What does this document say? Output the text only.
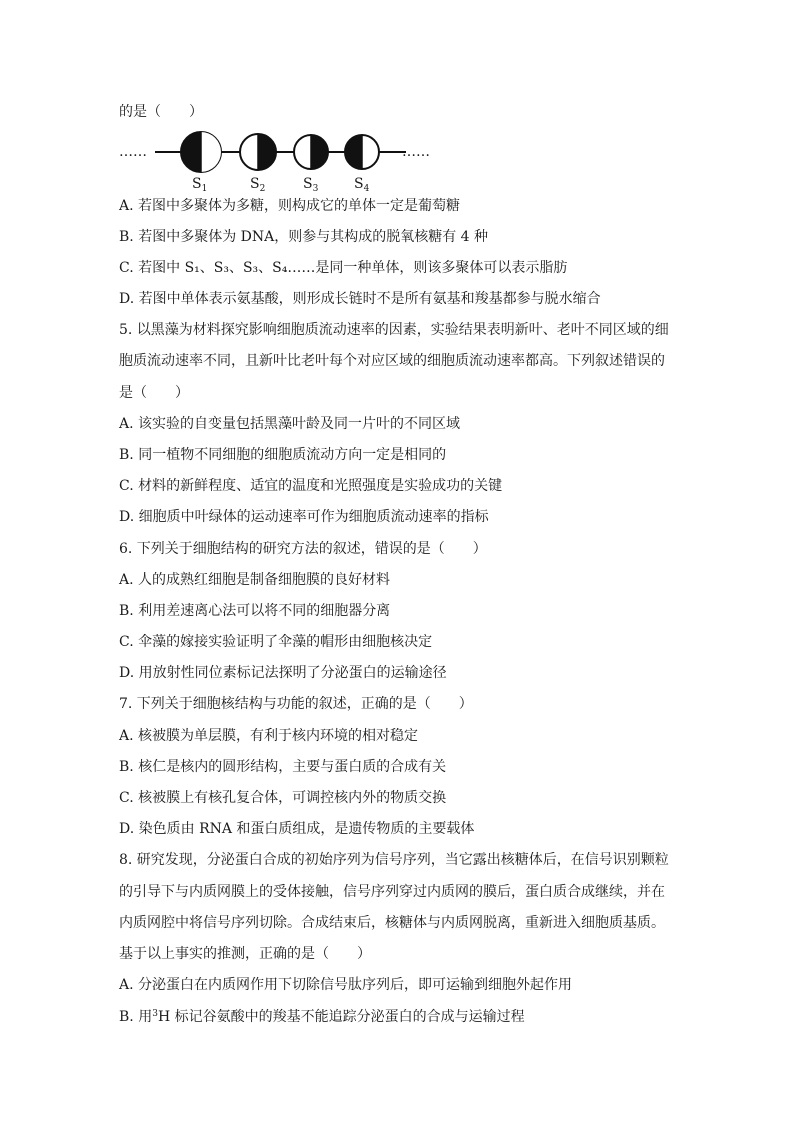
的是（　　）
……	……
$S_1$	$S_2$	$S_3$	$S_4$
A. 若图中多聚体为多糖，则构成它的单体一定是葡萄糖
B. 若图中多聚体为 DNA，则参与其构成的脱氧核糖有 4 种
C. 若图中 S₁、S₃、S₃、S₄……是同一种单体，则该多聚体可以表示脂肪
D. 若图中单体表示氨基酸，则形成长链时不是所有氨基和羧基都参与脱水缩合
5. 以黑藻为材料探究影响细胞质流动速率的因素，实验结果表明新叶、老叶不同区域的细
胞质流动速率不同，且新叶比老叶每个对应区域的细胞质流动速率都高。下列叙述错误的
是（　　）
A. 该实验的自变量包括黑藻叶龄及同一片叶的不同区域
B. 同一植物不同细胞的细胞质流动方向一定是相同的
C. 材料的新鲜程度、适宜的温度和光照强度是实验成功的关键
D. 细胞质中叶绿体的运动速率可作为细胞质流动速率的指标
6. 下列关于细胞结构的研究方法的叙述，错误的是（　　）
A. 人的成熟红细胞是制备细胞膜的良好材料
B. 利用差速离心法可以将不同的细胞器分离
C. 伞藻的嫁接实验证明了伞藻的帽形由细胞核决定
D. 用放射性同位素标记法探明了分泌蛋白的运输途径
7. 下列关于细胞核结构与功能的叙述，正确的是（　　）
A. 核被膜为单层膜，有利于核内环境的相对稳定
B. 核仁是核内的圆形结构，主要与蛋白质的合成有关
C. 核被膜上有核孔复合体，可调控核内外的物质交换
D. 染色质由 RNA 和蛋白质组成，是遗传物质的主要载体
8. 研究发现，分泌蛋白合成的初始序列为信号序列，当它露出核糖体后，在信号识别颗粒
的引导下与内质网膜上的受体接触，信号序列穿过内质网的膜后，蛋白质合成继续，并在
内质网腔中将信号序列切除。合成结束后，核糖体与内质网脱离，重新进入细胞质基质。
基于以上事实的推测，正确的是（　　）
A. 分泌蛋白在内质网作用下切除信号肽序列后，即可运输到细胞外起作用
B. 用$^3$H 标记谷氨酸中的羧基不能追踪分泌蛋白的合成与运输过程
